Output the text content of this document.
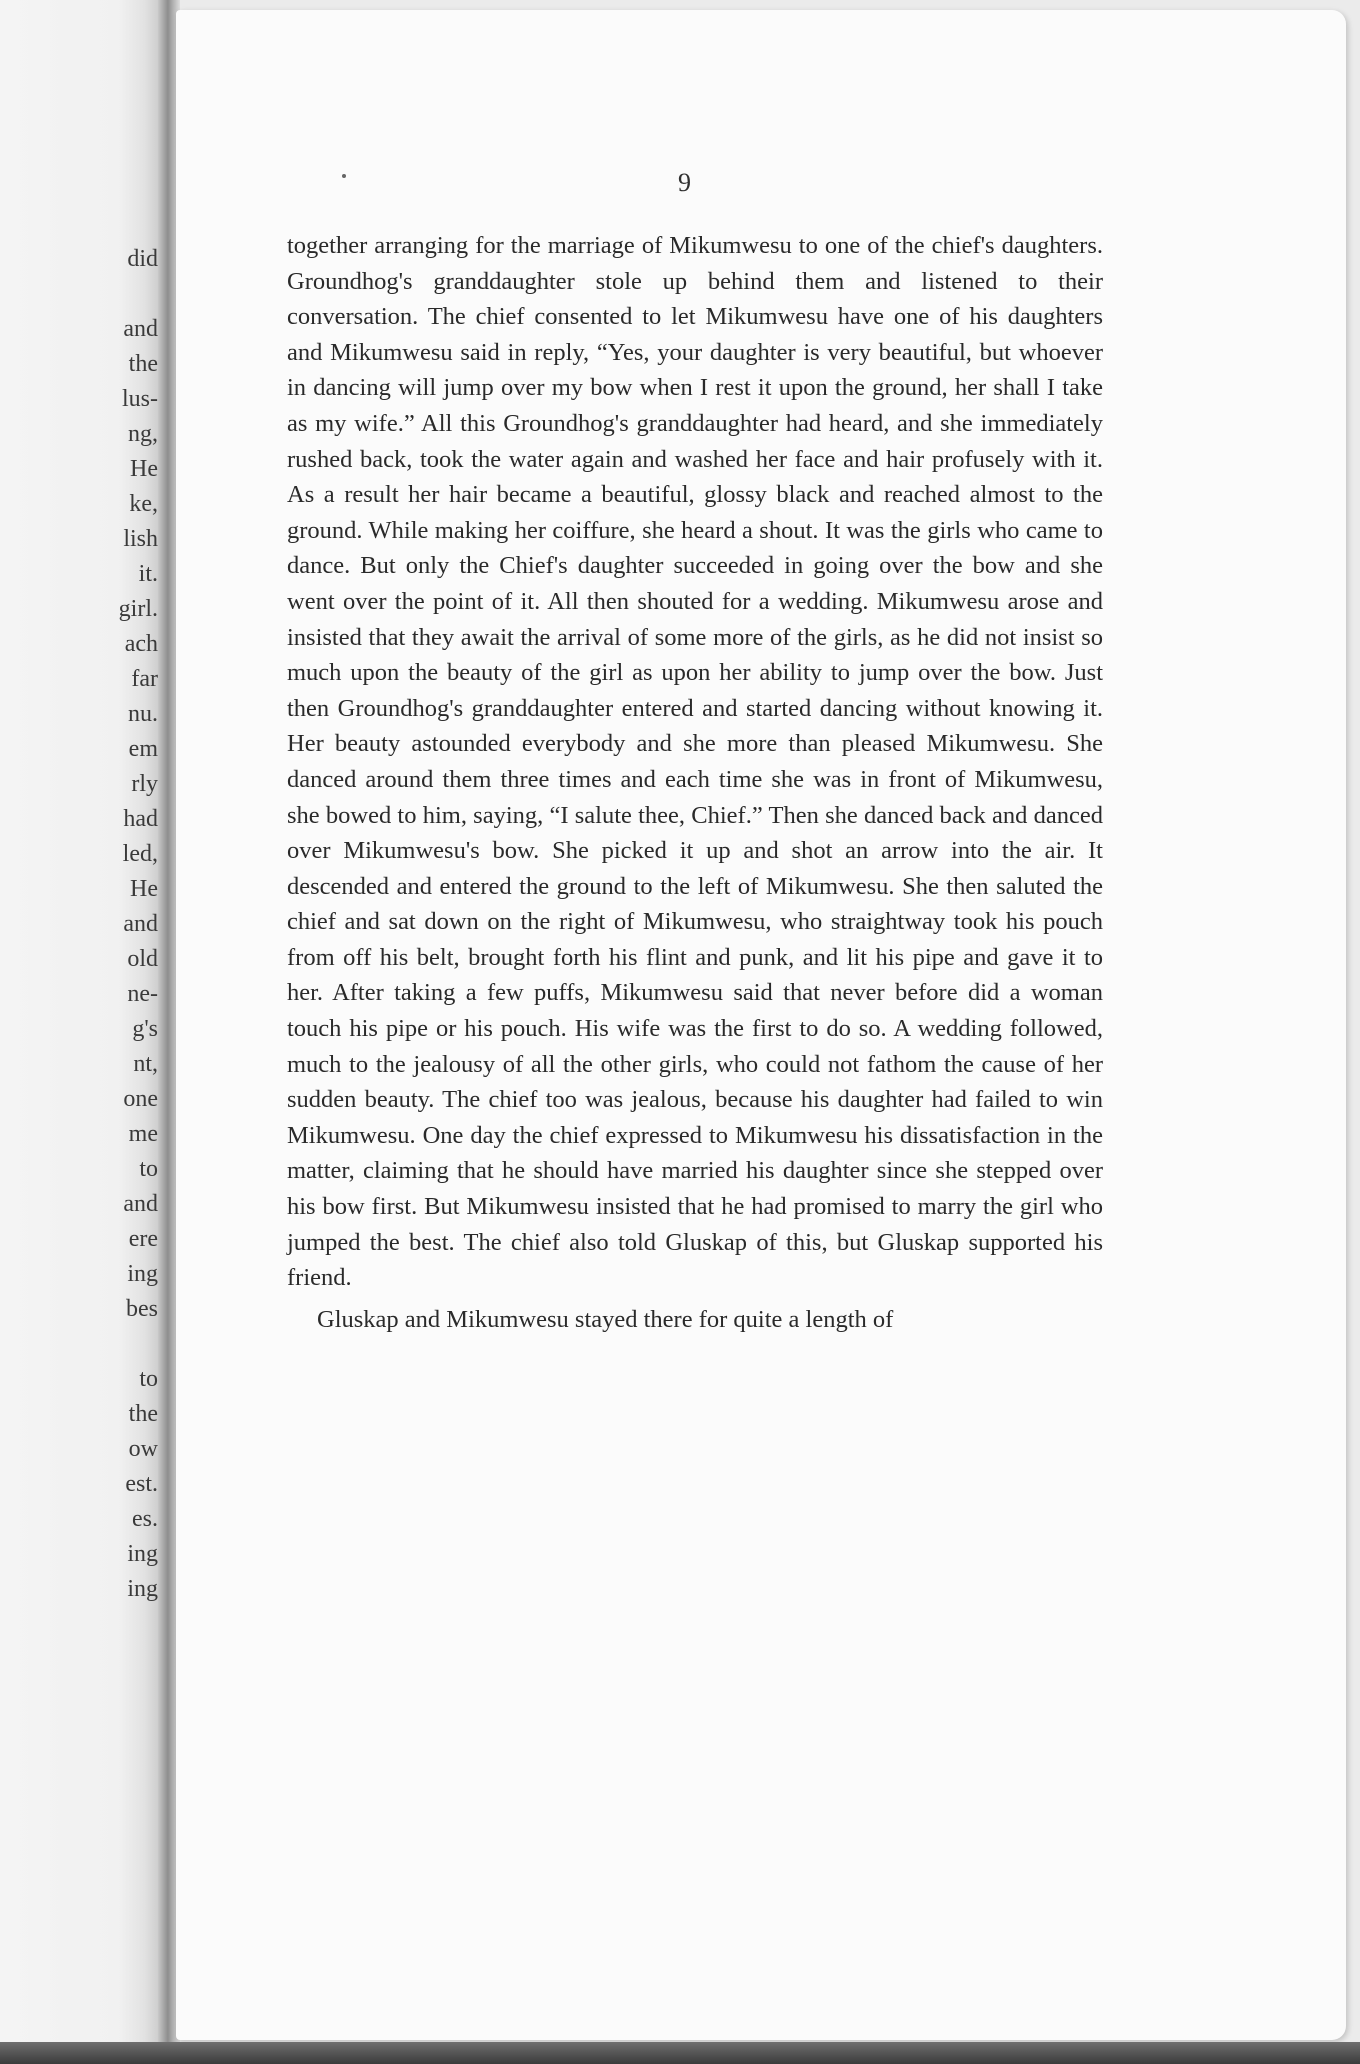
did

and
the
lus-
ng,
He
ke,
lish
it.
girl.
ach
far
nu.
em
rly
had
led,
He
and
old
ne-
g's
nt,
one
me
to
and
ere
ing
bes

to
the
ow
est.
es.
ing
ing
9

together arranging for the marriage of Mikumwesu to one of the chief's daughters. Groundhog's granddaughter stole up behind them and listened to their conversation. The chief consented to let Mikumwesu have one of his daughters and Mikumwesu said in reply, “Yes, your daughter is very beautiful, but whoever in dancing will jump over my bow when I rest it upon the ground, her shall I take as my wife.” All this Groundhog's granddaughter had heard, and she immediately rushed back, took the water again and washed her face and hair profusely with it. As a result her hair became a beautiful, glossy black and reached almost to the ground. While making her coiffure, she heard a shout. It was the girls who came to dance. But only the Chief's daughter succeeded in going over the bow and she went over the point of it. All then shouted for a wedding. Mikumwesu arose and insisted that they await the arrival of some more of the girls, as he did not insist so much upon the beauty of the girl as upon her ability to jump over the bow. Just then Groundhog's granddaughter entered and started dancing without knowing it. Her beauty astounded everybody and she more than pleased Mikumwesu. She danced around them three times and each time she was in front of Mikumwesu, she bowed to him, saying, “I salute thee, Chief.” Then she danced back and danced over Mikumwesu's bow. She picked it up and shot an arrow into the air. It descended and entered the ground to the left of Mikumwesu. She then saluted the chief and sat down on the right of Mikumwesu, who straightway took his pouch from off his belt, brought forth his flint and punk, and lit his pipe and gave it to her. After taking a few puffs, Mikumwesu said that never before did a woman touch his pipe or his pouch. His wife was the first to do so. A wedding followed, much to the jealousy of all the other girls, who could not fathom the cause of her sudden beauty. The chief too was jealous, because his daughter had failed to win Mikumwesu. One day the chief expressed to Mikumwesu his dissatisfaction in the matter, claiming that he should have married his daughter since she stepped over his bow first. But Mikumwesu insisted that he had promised to marry the girl who jumped the best. The chief also told Gluskap of this, but Gluskap supported his friend.

Gluskap and Mikumwesu stayed there for quite a length of
